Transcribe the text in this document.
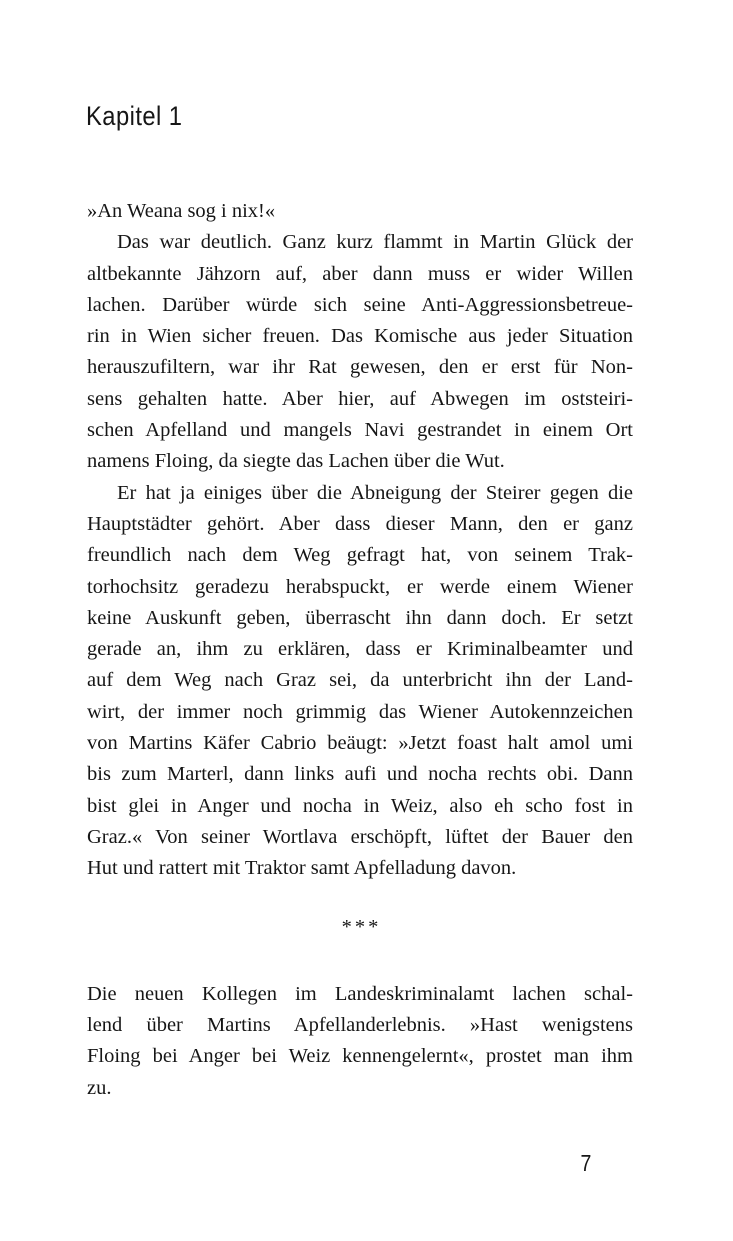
Kapitel 1
»An Weana sog i nix!«
Das war deutlich. Ganz kurz flammt in Martin Glück der
altbekannte Jähzorn auf, aber dann muss er wider Willen
lachen. Darüber würde sich seine Anti-Aggressionsbetreue-
rin in Wien sicher freuen. Das Komische aus jeder Situation
herauszufiltern, war ihr Rat gewesen, den er erst für Non-
sens gehalten hatte. Aber hier, auf Abwegen im oststeiri-
schen Apfelland und mangels Navi gestrandet in einem Ort
namens Floing, da siegte das Lachen über die Wut.
Er hat ja einiges über die Abneigung der Steirer gegen die
Hauptstädter gehört. Aber dass dieser Mann, den er ganz
freundlich nach dem Weg gefragt hat, von seinem Trak-
torhochsitz geradezu herabspuckt, er werde einem Wiener
keine Auskunft geben, überrascht ihn dann doch. Er setzt
gerade an, ihm zu erklären, dass er Kriminalbeamter und
auf dem Weg nach Graz sei, da unterbricht ihn der Land-
wirt, der immer noch grimmig das Wiener Autokennzeichen
von Martins Käfer Cabrio beäugt: »Jetzt foast halt amol umi
bis zum Marterl, dann links aufi und nocha rechts obi. Dann
bist glei in Anger und nocha in Weiz, also eh scho fost in
Graz.« Von seiner Wortlava erschöpft, lüftet der Bauer den
Hut und rattert mit Traktor samt Apfelladung davon.
***
Die neuen Kollegen im Landeskriminalamt lachen schal-
lend über Martins Apfellanderlebnis. »Hast wenigstens
Floing bei Anger bei Weiz kennengelernt«, prostet man ihm
zu.
7
